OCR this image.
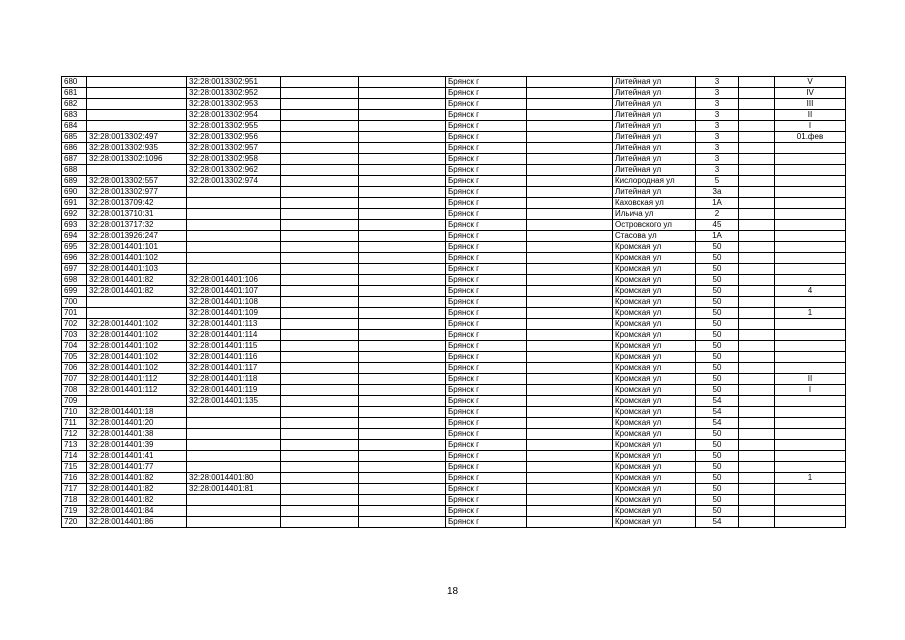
680		32:28:0013302:951			Брянск г		Литейная ул	3		V
681		32:28:0013302:952			Брянск г		Литейная ул	3		IV
682		32:28:0013302:953			Брянск г		Литейная ул	3		III
683		32:28:0013302:954			Брянск г		Литейная ул	3		II
684		32:28:0013302:955			Брянск г		Литейная ул	3		I
685	32:28:0013302:497	32:28:0013302:956			Брянск г		Литейная ул	3		01.фев
686	32:28:0013302:935	32:28:0013302:957			Брянск г		Литейная ул	3		
687	32:28:0013302:1096	32:28:0013302:958			Брянск г		Литейная ул	3		
688		32:28:0013302:962			Брянск г		Литейная ул	3		
689	32:28:0013302:557	32:28:0013302:974			Брянск г		Кислородная ул	5		
690	32:28:0013302:977				Брянск г		Литейная ул	3а		
691	32:28:0013709:42				Брянск г		Каховская ул	1А		
692	32:28:0013710:31				Брянск г		Ильича ул	2		
693	32:28:0013717:32				Брянск г		Островского ул	45		
694	32:28:0013926:247				Брянск г		Стасова ул	1А		
695	32:28:0014401:101				Брянск г		Кромская ул	50		
696	32:28:0014401:102				Брянск г		Кромская ул	50		
697	32:28:0014401:103				Брянск г		Кромская ул	50		
698	32:28:0014401:82	32:28:0014401:106			Брянск г		Кромская ул	50		
699	32:28:0014401:82	32:28:0014401:107			Брянск г		Кромская ул	50		4
700		32:28:0014401:108			Брянск г		Кромская ул	50		
701		32:28:0014401:109			Брянск г		Кромская ул	50		1
702	32:28:0014401:102	32:28:0014401:113			Брянск г		Кромская ул	50		
703	32:28:0014401:102	32:28:0014401:114			Брянск г		Кромская ул	50		
704	32:28:0014401:102	32:28:0014401:115			Брянск г		Кромская ул	50		
705	32:28:0014401:102	32:28:0014401:116			Брянск г		Кромская ул	50		
706	32:28:0014401:102	32:28:0014401:117			Брянск г		Кромская ул	50		
707	32:28:0014401:112	32:28:0014401:118			Брянск г		Кромская ул	50		II
708	32:28:0014401:112	32:28:0014401:119			Брянск г		Кромская ул	50		I
709		32:28:0014401:135			Брянск г		Кромская ул	54		
710	32:28:0014401:18				Брянск г		Кромская ул	54		
711	32:28:0014401:20				Брянск г		Кромская ул	54		
712	32:28:0014401:38				Брянск г		Кромская ул	50		
713	32:28:0014401:39				Брянск г		Кромская ул	50		
714	32:28:0014401:41				Брянск г		Кромская ул	50		
715	32:28:0014401:77				Брянск г		Кромская ул	50		
716	32:28:0014401:82	32:28:0014401:80			Брянск г		Кромская ул	50		1
717	32:28:0014401:82	32:28:0014401:81			Брянск г		Кромская ул	50		
718	32:28:0014401:82				Брянск г		Кромская ул	50		
719	32:28:0014401:84				Брянск г		Кромская ул	50		
720	32:28:0014401:86				Брянск г		Кромская ул	54		
18
